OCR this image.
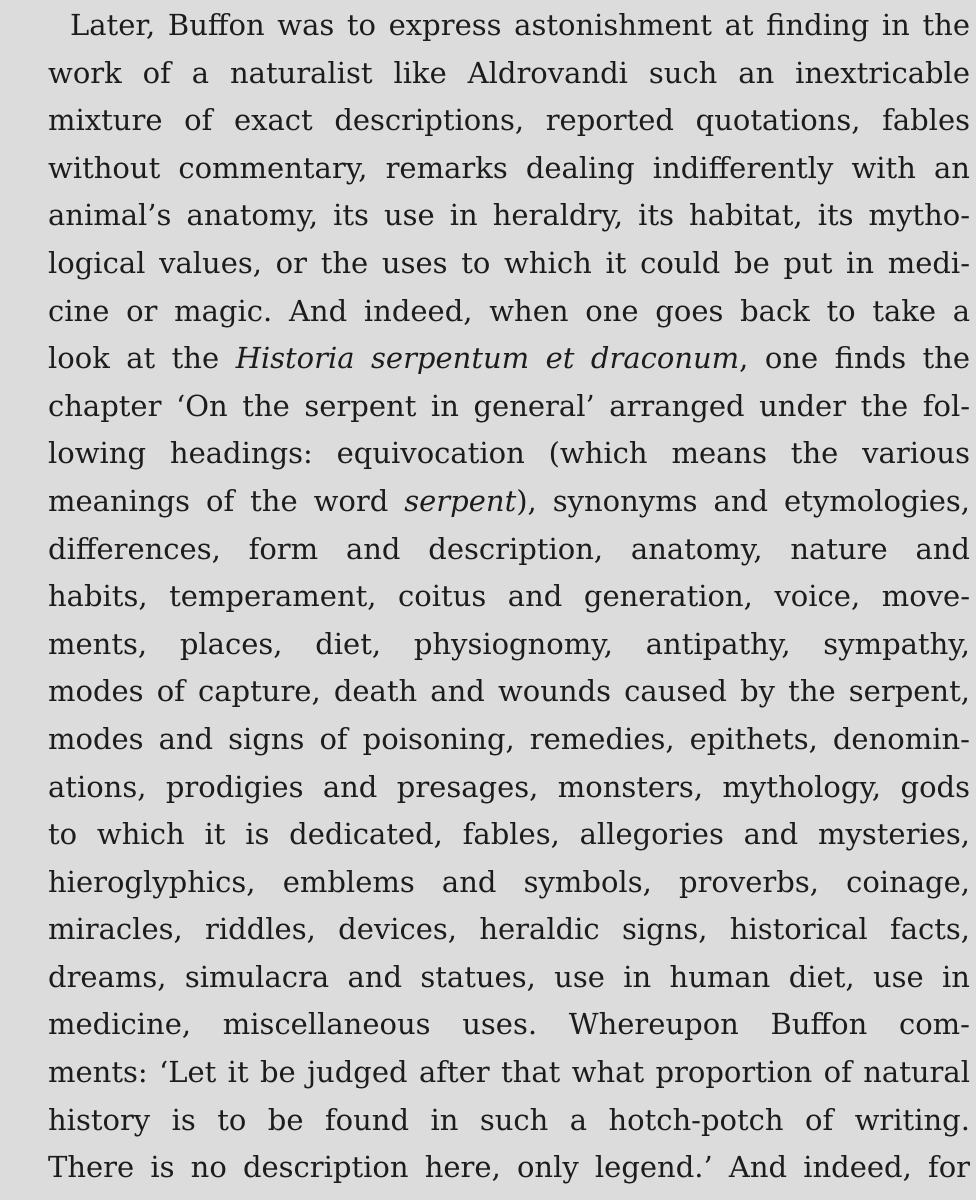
Later, Buffon was to express astonishment at finding in the
work of a naturalist like Aldrovandi such an inextricable
mixture of exact descriptions, reported quotations, fables
without commentary, remarks dealing indifferently with an
animal’s anatomy, its use in heraldry, its habitat, its mytho-
logical values, or the uses to which it could be put in medi-
cine or magic. And indeed, when one goes back to take a
look at the Historia serpentum et draconum, one finds the
chapter ‘On the serpent in general’ arranged under the fol-
lowing headings: equivocation (which means the various
meanings of the word serpent), synonyms and etymologies,
differences, form and description, anatomy, nature and
habits, temperament, coitus and generation, voice, move-
ments, places, diet, physiognomy, antipathy, sympathy,
modes of capture, death and wounds caused by the serpent,
modes and signs of poisoning, remedies, epithets, denomin-
ations, prodigies and presages, monsters, mythology, gods
to which it is dedicated, fables, allegories and mysteries,
hieroglyphics, emblems and symbols, proverbs, coinage,
miracles, riddles, devices, heraldic signs, historical facts,
dreams, simulacra and statues, use in human diet, use in
medicine, miscellaneous uses. Whereupon Buffon com-
ments: ‘Let it be judged after that what proportion of natural
history is to be found in such a hotch-potch of writing.
There is no description here, only legend.’ And indeed, for
